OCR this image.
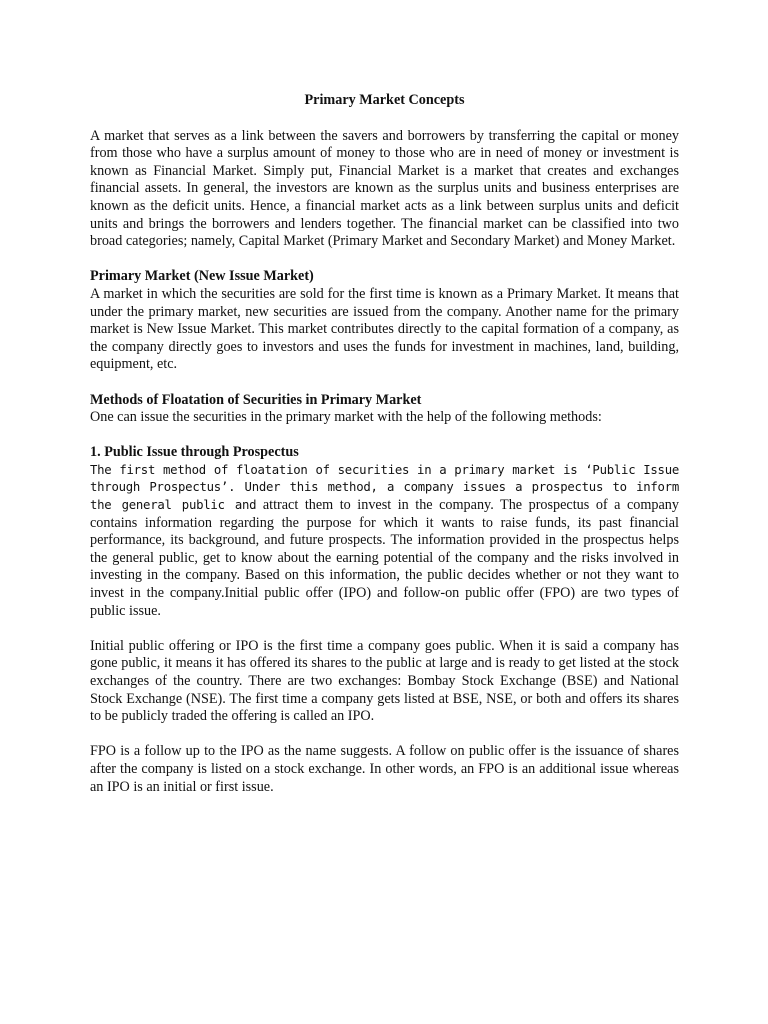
Primary Market Concepts

A market that serves as a link between the savers and borrowers by transferring the capital or money from those who have a surplus amount of money to those who are in need of money or investment is known as Financial Market. Simply put, Financial Market is a market that creates and exchanges financial assets. In general, the investors are known as the surplus units and business enterprises are known as the deficit units. Hence, a financial market acts as a link between surplus units and deficit units and brings the borrowers and lenders together. The financial market can be classified into two broad categories; namely, Capital Market (Primary Market and Secondary Market) and Money Market.

Primary Market (New Issue Market)

A market in which the securities are sold for the first time is known as a Primary Market. It means that under the primary market, new securities are issued from the company. Another name for the primary market is New Issue Market. This market contributes directly to the capital formation of a company, as the company directly goes to investors and uses the funds for investment in machines, land, building, equipment, etc.

Methods of Floatation of Securities in Primary Market

One can issue the securities in the primary market with the help of the following methods:

1. Public Issue through Prospectus

The first method of floatation of securities in a primary market is ‘Public Issue through Prospectus’. Under this method, a company issues a prospectus to inform the general public and attract them to invest in the company. The prospectus of a company contains information regarding the purpose for which it wants to raise funds, its past financial performance, its background, and future prospects. The information provided in the prospectus helps the general public, get to know about the earning potential of the company and the risks involved in investing in the company. Based on this information, the public decides whether or not they want to invest in the company.Initial public offer (IPO) and follow-on public offer (FPO) are two types of public issue.

Initial public offering or IPO is the first time a company goes public. When it is said a company has gone public, it means it has offered its shares to the public at large and is ready to get listed at the stock exchanges of the country. There are two exchanges: Bombay Stock Exchange (BSE) and National Stock Exchange (NSE). The first time a company gets listed at BSE, NSE, or both and offers its shares to be publicly traded the offering is called an IPO.

FPO is a follow up to the IPO as the name suggests. A follow on public offer is the issuance of shares after the company is listed on a stock exchange. In other words, an FPO is an additional issue whereas an IPO is an initial or first issue.
